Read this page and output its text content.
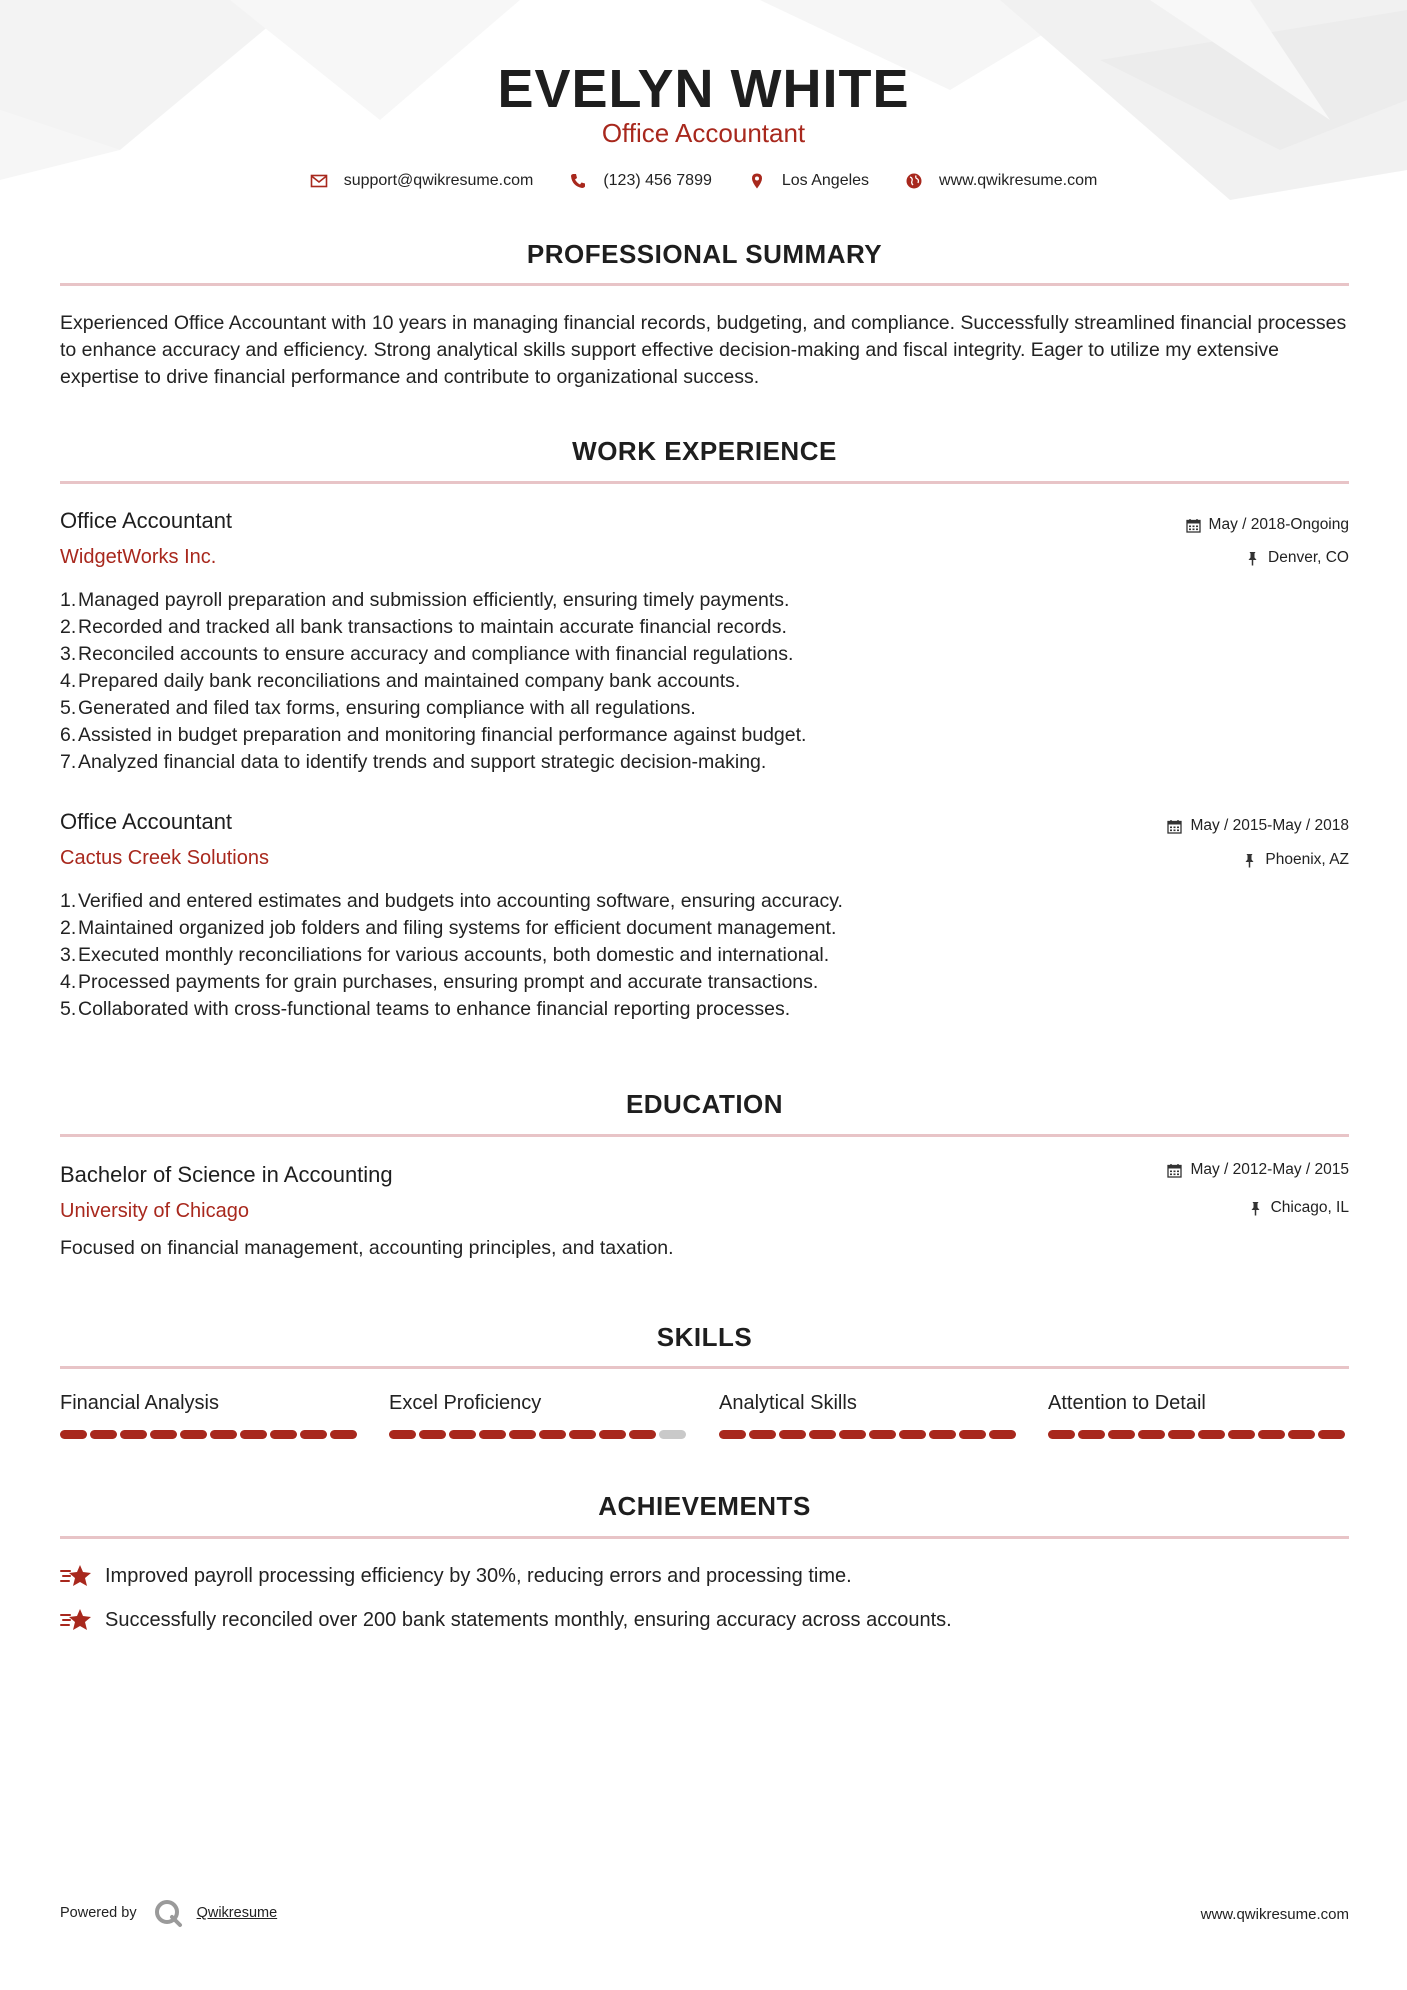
EVELYN WHITE
Office Accountant
support@qwikresume.com	(123) 456 7899	Los Angeles	www.qwikresume.com
PROFESSIONAL SUMMARY
Experienced Office Accountant with 10 years in managing financial records, budgeting, and compliance. Successfully streamlined financial processes to enhance accuracy and efficiency. Strong analytical skills support effective decision-making and fiscal integrity. Eager to utilize my extensive expertise to drive financial performance and contribute to organizational success.
WORK EXPERIENCE
Office Accountant
WidgetWorks Inc.
May / 2018-Ongoing
Denver, CO
1. Managed payroll preparation and submission efficiently, ensuring timely payments.
2. Recorded and tracked all bank transactions to maintain accurate financial records.
3. Reconciled accounts to ensure accuracy and compliance with financial regulations.
4. Prepared daily bank reconciliations and maintained company bank accounts.
5. Generated and filed tax forms, ensuring compliance with all regulations.
6. Assisted in budget preparation and monitoring financial performance against budget.
7. Analyzed financial data to identify trends and support strategic decision-making.
Office Accountant
Cactus Creek Solutions
May / 2015-May / 2018
Phoenix, AZ
1. Verified and entered estimates and budgets into accounting software, ensuring accuracy.
2. Maintained organized job folders and filing systems for efficient document management.
3. Executed monthly reconciliations for various accounts, both domestic and international.
4. Processed payments for grain purchases, ensuring prompt and accurate transactions.
5. Collaborated with cross-functional teams to enhance financial reporting processes.
EDUCATION
Bachelor of Science in Accounting
University of Chicago
May / 2012-May / 2015
Chicago, IL
Focused on financial management, accounting principles, and taxation.
SKILLS
Financial Analysis	Excel Proficiency	Analytical Skills	Attention to Detail
ACHIEVEMENTS
Improved payroll processing efficiency by 30%, reducing errors and processing time.
Successfully reconciled over 200 bank statements monthly, ensuring accuracy across accounts.
Powered by	Qwikresume	www.qwikresume.com
